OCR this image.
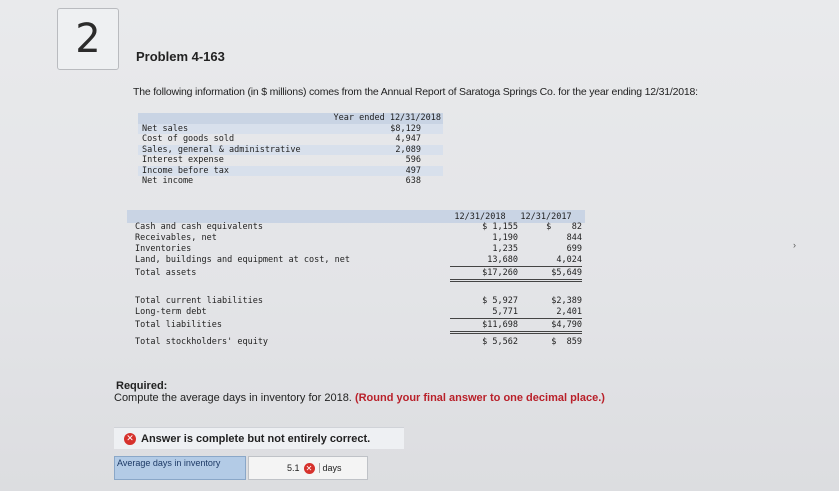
2	Problem 4-163
The following information (in $ millions) comes from the Annual Report of Saratoga Springs Co. for the year ending 12/31/2018:
Year ended 12/31/2018
Net sales	$8,129
Cost of goods sold	4,947
Sales, general & administrative	2,089
Interest expense	596
Income before tax	497
Net income	638
12/31/2018	12/31/2017
Cash and cash equivalents	$ 1,155	$    82
Receivables, net	1,190	844
Inventories	1,235	699
Land, buildings and equipment at cost, net	13,680	4,024
Total assets	$17,260	$5,649
Total current liabilities	$ 5,927	$2,389
Long-term debt	5,771	2,401
Total liabilities	$11,698	$4,790
Total stockholders' equity	$ 5,562	$  859
›
Required:
Compute the average days in inventory for 2018. (Round your final answer to one decimal place.)
✕ Answer is complete but not entirely correct.
Average days in inventory	5.1 ✕	days
